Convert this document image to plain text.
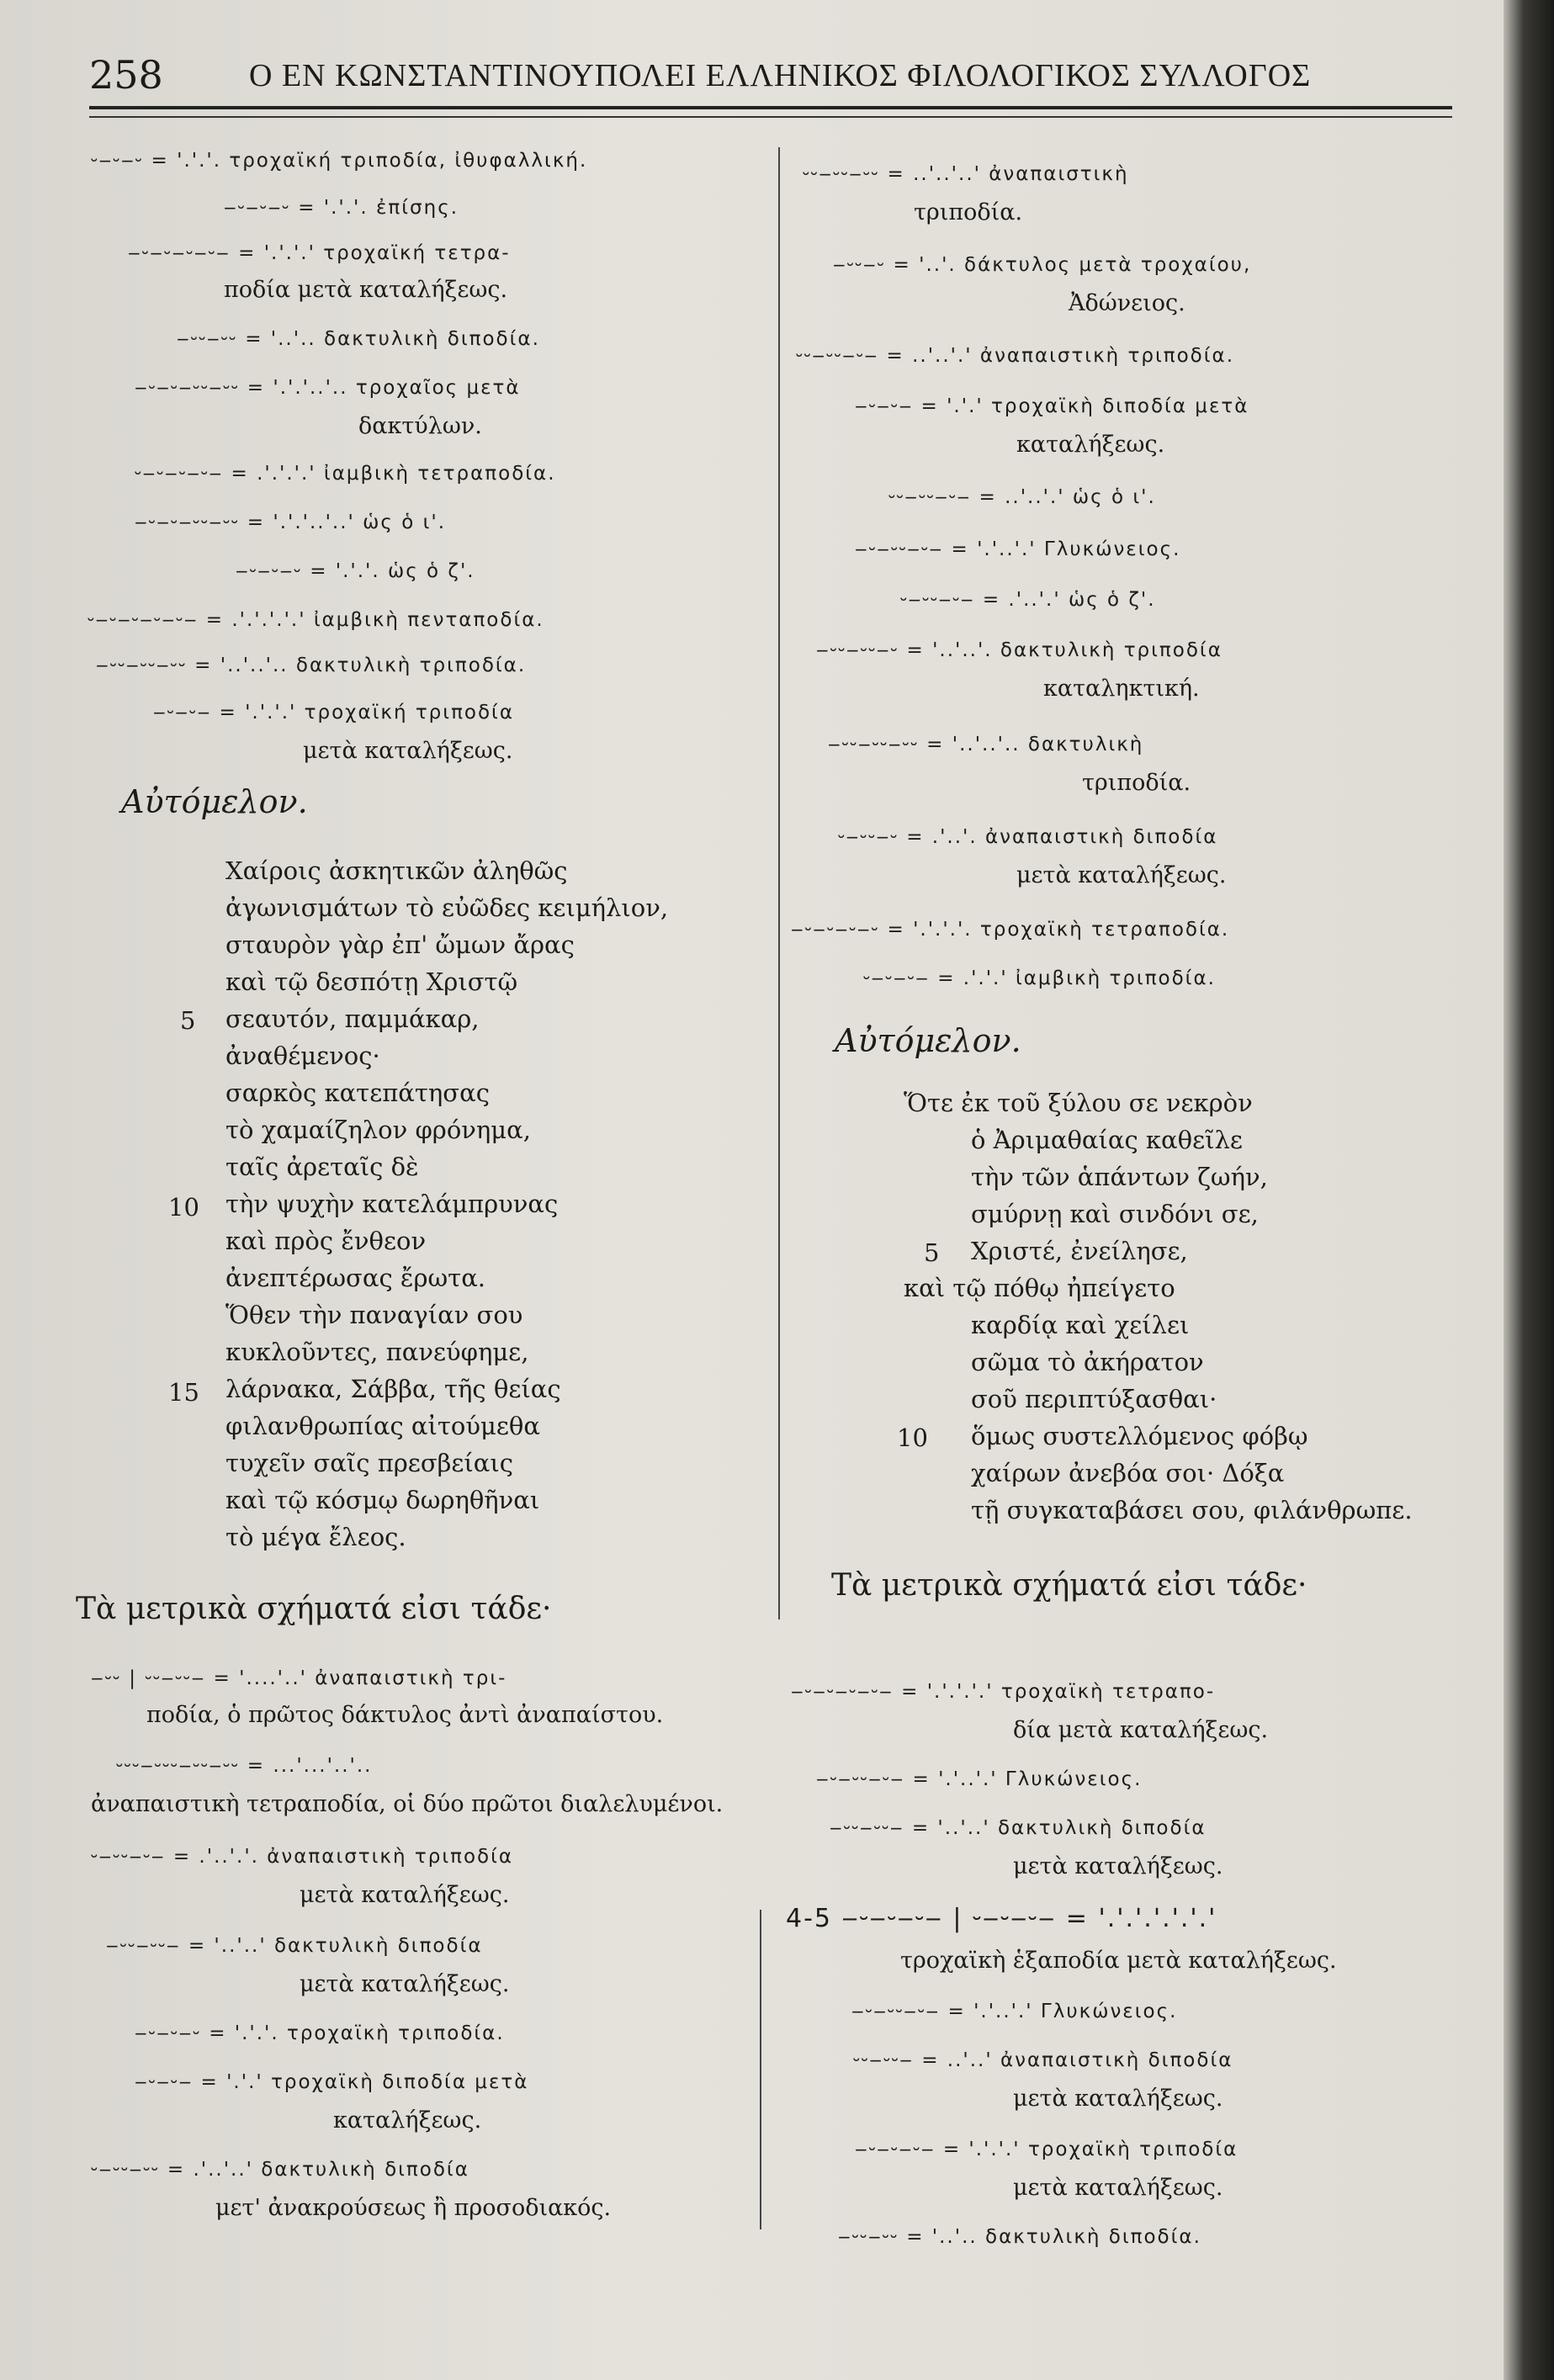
258	Ο ΕΝ ΚΩΝΣΤΑΝΤΙΝΟΥΠΟΛΕΙ ΕΛΛΗΝΙΚΟΣ ΦΙΛΟΛΟΓΙΚΟΣ ΣΥΛΛΟΓΟΣ
⏑‒⏑‒⏑ = '.'.'. τροχαϊκή τριποδία, ἰθυφαλλική.
‒⏑‒⏑‒⏑ = '.'.'. ἐπίσης.
‒⏑‒⏑‒⏑‒⏑‒ = '.'.'.' τροχαϊκή τετρα-
ποδία μετὰ καταλήξεως.
‒⏑⏑‒⏑⏑ = '..'.. δακτυλικὴ διποδία.
‒⏑‒⏑‒⏑⏑‒⏑⏑ = '.'.'..'.. τροχαῖος μετὰ
δακτύλων.
⏑‒⏑‒⏑‒⏑‒ = .'.'.'.' ἰαμβικὴ τετραποδία.
‒⏑‒⏑‒⏑⏑‒⏑⏑ = '.'.'..'..' ὡς ὁ ι'.
‒⏑‒⏑‒⏑ = '.'.'. ὡς ὁ ζ'.
⏑‒⏑‒⏑‒⏑‒⏑‒ = .'.'.'.'.' ἰαμβικὴ πενταποδία.
‒⏑⏑‒⏑⏑‒⏑⏑ = '..'..'.. δακτυλικὴ τριποδία.
‒⏑‒⏑‒ = '.'.'.' τροχαϊκή τριποδία
μετὰ καταλήξεως.
Αὐτόμελον.
Χαίροις ἀσκητικῶν ἀληθῶς
ἀγωνισμάτων τὸ εὐῶδες κειμήλιον,
σταυρὸν γὰρ ἐπ' ὤμων ἄρας
καὶ τῷ δεσπότῃ Χριστῷ
5 σεαυτόν, παμμάκαρ,
ἀναθέμενος·
σαρκὸς κατεπάτησας
τὸ χαμαίζηλον φρόνημα,
ταῖς ἀρεταῖς δὲ
10 τὴν ψυχὴν κατελάμπρυνας
καὶ πρὸς ἔνθεον
ἀνεπτέρωσας ἔρωτα.
Ὅθεν τὴν παναγίαν σου
κυκλοῦντες, πανεύφημε,
15 λάρνακα, Σάββα, τῆς θείας
φιλανθρωπίας αἰτούμεθα
τυχεῖν σαῖς πρεσβείαις
καὶ τῷ κόσμῳ δωρηθῆναι
τὸ μέγα ἔλεος.
Τὰ μετρικὰ σχήματά εἰσι τάδε·
‒⏑⏑ | ⏑⏑‒⏑⏑‒ = '....'..' ἀναπαιστικὴ τρι-
ποδία, ὁ πρῶτος δάκτυλος ἀντὶ ἀναπαίστου.
⏑⏑⏑‒⏑⏑⏑‒⏑⏑‒⏑⏑ = ...'...'..'..
ἀναπαιστικὴ τετραποδία, οἱ δύο πρῶτοι διαλελυμένοι.
⏑‒⏑⏑‒⏑‒ = .'..'.'. ἀναπαιστικὴ τριποδία
μετὰ καταλήξεως.
‒⏑⏑‒⏑⏑‒ = '..'..' δακτυλικὴ διποδία
μετὰ καταλήξεως.
‒⏑‒⏑‒⏑ = '.'.'. τροχαϊκὴ τριποδία.
‒⏑‒⏑‒ = '.'.' τροχαϊκὴ διποδία μετὰ
καταλήξεως.
⏑‒⏑⏑‒⏑⏑ = .'..'..' δακτυλικὴ διποδία
μετ' ἀνακρούσεως ἢ προσοδιακός.
⏑⏑‒⏑⏑‒⏑⏑ = ..'..'..' ἀναπαιστικὴ
τριποδία.
‒⏑⏑‒⏑ = '..'. δάκτυλος μετὰ τροχαίου,
Ἀδώνειος.
⏑⏑‒⏑⏑‒⏑‒ = ..'..'.' ἀναπαιστικὴ τριποδία.
‒⏑‒⏑‒ = '.'.' τροχαϊκὴ διποδία μετὰ
καταλήξεως.
⏑⏑‒⏑⏑‒⏑‒ = ..'..'.' ὡς ὁ ι'.
‒⏑‒⏑⏑‒⏑‒ = '.'..'.' Γλυκώνειος.
⏑‒⏑⏑‒⏑‒ = .'..'.' ὡς ὁ ζ'.
‒⏑⏑‒⏑⏑‒⏑ = '..'..'. δακτυλικὴ τριποδία
καταληκτική.
‒⏑⏑‒⏑⏑‒⏑⏑ = '..'..'.. δακτυλικὴ
τριποδία.
⏑‒⏑⏑‒⏑ = .'..'. ἀναπαιστικὴ διποδία
μετὰ καταλήξεως.
‒⏑‒⏑‒⏑‒⏑ = '.'.'.'. τροχαϊκὴ τετραποδία.
⏑‒⏑‒⏑‒ = .'.'.' ἰαμβικὴ τριποδία.
Αὐτόμελον.
Ὅτε ἐκ τοῦ ξύλου σε νεκρὸν
ὁ Ἀριμαθαίας καθεῖλε
τὴν τῶν ἁπάντων ζωήν,
σμύρνῃ καὶ σινδόνι σε,
5 Χριστέ, ἐνείλησε,
καὶ τῷ πόθῳ ἠπείγετο
καρδίᾳ καὶ χείλει
σῶμα τὸ ἀκήρατον
σοῦ περιπτύξασθαι·
10 ὅμως συστελλόμενος φόβῳ
χαίρων ἀνεβόα σοι· Δόξα
τῇ συγκαταβάσει σου, φιλάνθρωπε.
Τὰ μετρικὰ σχήματά εἰσι τάδε·
‒⏑‒⏑‒⏑‒⏑‒ = '.'.'.'.' τροχαϊκὴ τετραπο-
δία μετὰ καταλήξεως.
‒⏑‒⏑⏑‒⏑‒ = '.'..'.' Γλυκώνειος.
‒⏑⏑‒⏑⏑‒ = '..'..' δακτυλικὴ διποδία
μετὰ καταλήξεως.
4-5 ‒⏑‒⏑‒⏑‒ | ⏑‒⏑‒⏑‒ = '.'.'.'.'.'.'
τροχαϊκὴ ἑξαποδία μετὰ καταλήξεως.
‒⏑‒⏑⏑‒⏑‒ = '.'..'.' Γλυκώνειος.
⏑⏑‒⏑⏑‒ = ..'..' ἀναπαιστικὴ διποδία
μετὰ καταλήξεως.
‒⏑‒⏑‒⏑‒ = '.'.'.' τροχαϊκὴ τριποδία
μετὰ καταλήξεως.
‒⏑⏑‒⏑⏑ = '..'.. δακτυλικὴ διποδία.
